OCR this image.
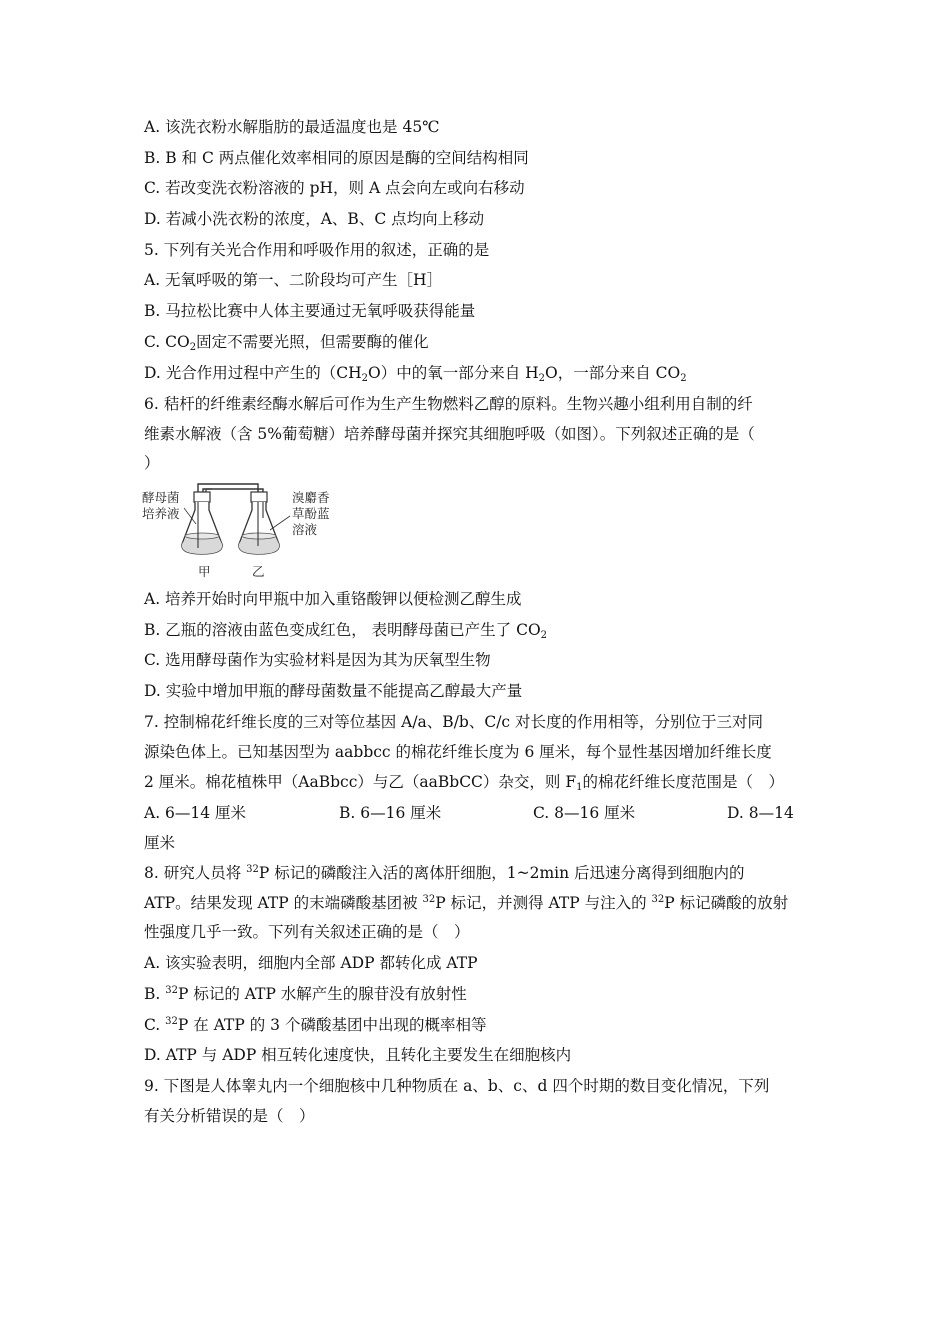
A. 该洗衣粉水解脂肪的最适温度也是 45℃
B. B 和 C 两点催化效率相同的原因是酶的空间结构相同
C. 若改变洗衣粉溶液的 pH，则 A 点会向左或向右移动
D. 若减小洗衣粉的浓度，A、B、C 点均向上移动
5. 下列有关光合作用和呼吸作用的叙述，正确的是
A. 无氧呼吸的第一、二阶段均可产生［H］
B. 马拉松比赛中人体主要通过无氧呼吸获得能量
C. $CO_2$固定不需要光照，但需要酶的催化
D. 光合作用过程中产生的$(CH_2O)$中的氧一部分来自 $H_2O$，一部分来自 $CO_2$
6. 秸杆的纤维素经酶水解后可作为生产生物燃料乙醇的原料。生物兴趣小组利用自制的纤
维素水解液（含 5%葡萄糖）培养酵母菌并探究其细胞呼吸（如图）。下列叙述正确的是（
）
酵母菌
培养液
溴麝香
草酚蓝
溶液
甲	乙
A. 培养开始时向甲瓶中加入重铬酸钾以便检测乙醇生成
B. 乙瓶的溶液由蓝色变成红色， 表明酵母菌已产生了 $CO_2$
C. 选用酵母菌作为实验材料是因为其为厌氧型生物
D. 实验中增加甲瓶的酵母菌数量不能提高乙醇最大产量
7. 控制棉花纤维长度的三对等位基因 A/a、B/b、C/c 对长度的作用相等，分别位于三对同
源染色体上。已知基因型为 aabbcc 的棉花纤维长度为 6 厘米，每个显性基因增加纤维长度
2 厘米。棉花植株甲（AaBbcc）与乙（aaBbCC）杂交，则 $F_1$的棉花纤维长度范围是（　）
A. 6—14 厘米	B. 6—16 厘米	C. 8—16 厘米	D. 8—14
厘米
8. 研究人员将 $^{32}$P 标记的磷酸注入活的离体肝细胞，1~2min 后迅速分离得到细胞内的
ATP。结果发现 ATP 的末端磷酸基团被 $^{32}$P 标记，并测得 ATP 与注入的 $^{32}$P 标记磷酸的放射
性强度几乎一致。下列有关叙述正确的是（　）
A. 该实验表明，细胞内全部 ADP 都转化成 ATP
B. $^{32}$P 标记的 ATP 水解产生的腺苷没有放射性
C. $^{32}$P 在 ATP 的 3 个磷酸基团中出现的概率相等
D. ATP 与 ADP 相互转化速度快，且转化主要发生在细胞核内
9. 下图是人体睾丸内一个细胞核中几种物质在 a、b、c、d 四个时期的数目变化情况，下列
有关分析错误的是（　）
